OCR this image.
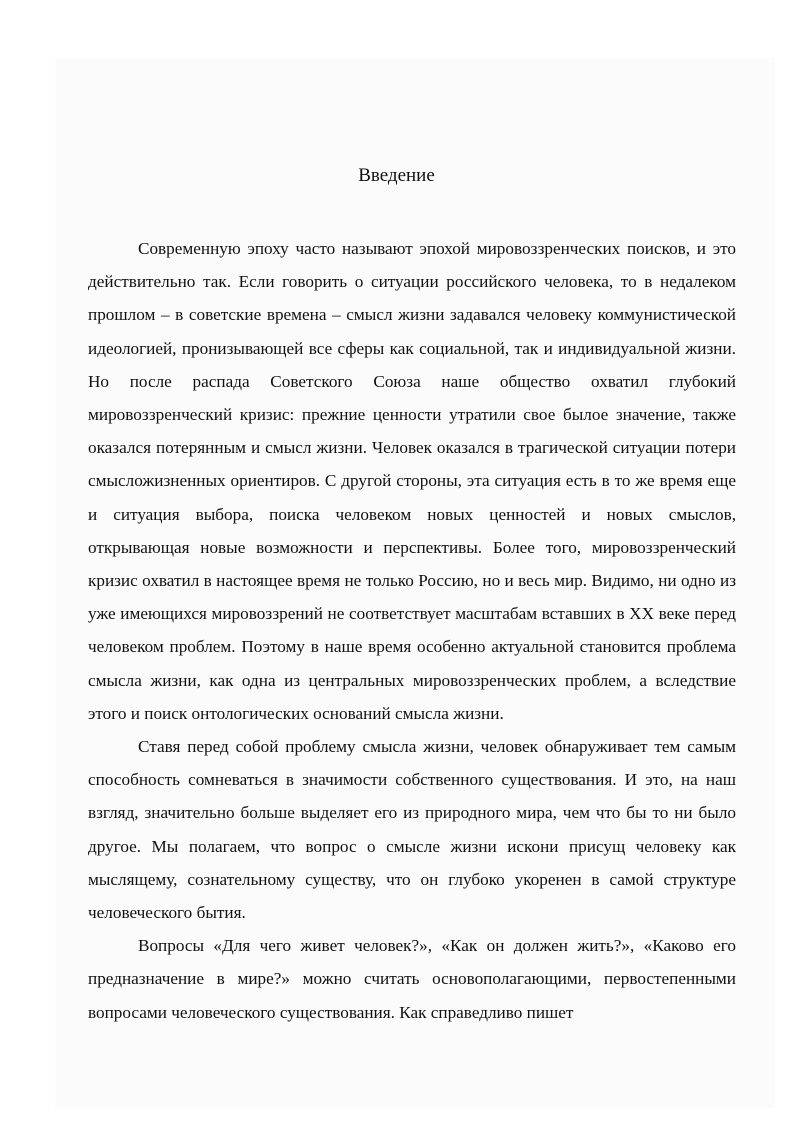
Введение

Современную эпоху часто называют эпохой мировоззренческих поисков, и это действительно так. Если говорить о ситуации российского человека, то в недалеком прошлом – в советские времена – смысл жизни задавался человеку коммунистической идеологией, пронизывающей все сферы как социальной, так и индивидуальной жизни. Но после распада Советского Союза наше общество охватил глубокий мировоззренческий кризис: прежние ценности утратили свое былое значение, также оказался потерянным и смысл жизни. Человек оказался в трагической ситуации потери смысложизненных ориентиров. С другой стороны, эта ситуация есть в то же время еще и ситуация выбора, поиска человеком новых ценностей и новых смыслов, открывающая новые возможности и перспективы. Более того, мировоззренческий кризис охватил в настоящее время не только Россию, но и весь мир. Видимо, ни одно из уже имеющихся мировоззрений не соответствует масштабам вставших в XX веке перед человеком проблем. Поэтому в наше время особенно актуальной становится проблема смысла жизни, как одна из центральных мировоззренческих проблем, а вследствие этого и поиск онтологических оснований смысла жизни.

Ставя перед собой проблему смысла жизни, человек обнаруживает тем самым способность сомневаться в значимости собственного существования. И это, на наш взгляд, значительно больше выделяет его из природного мира, чем что бы то ни было другое. Мы полагаем, что вопрос о смысле жизни искони присущ человеку как мыслящему, сознательному существу, что он глубоко укоренен в самой структуре человеческого бытия.

Вопросы «Для чего живет человек?», «Как он должен жить?», «Каково его предназначение в мире?» можно считать основополагающими, первостепенными вопросами человеческого существования. Как справедливо пишет
